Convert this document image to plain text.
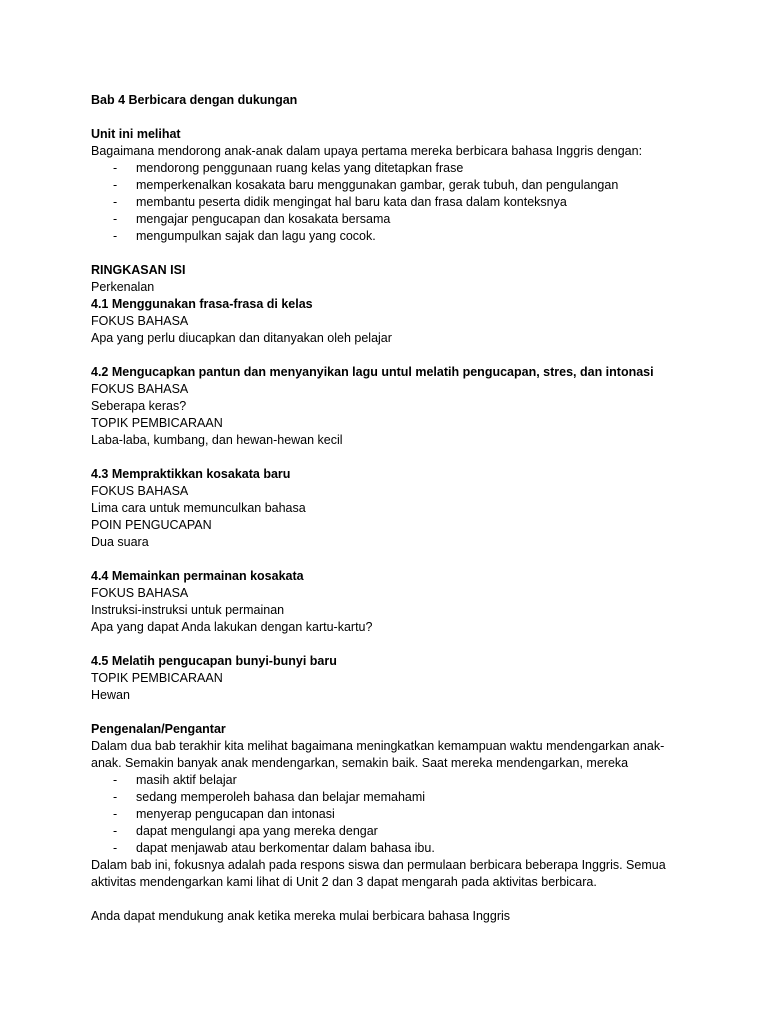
Bab 4 Berbicara dengan dukungan

Unit ini melihat

Bagaimana mendorong anak-anak dalam upaya pertama mereka berbicara bahasa Inggris dengan:

- mendorong penggunaan ruang kelas yang ditetapkan frase
- memperkenalkan kosakata baru menggunakan gambar, gerak tubuh, dan pengulangan
- membantu peserta didik mengingat hal baru kata dan frasa dalam konteksnya
- mengajar pengucapan dan kosakata bersama
- mengumpulkan sajak dan lagu yang cocok.

RINGKASAN ISI

Perkenalan

4.1 Menggunakan frasa-frasa di kelas

FOKUS BAHASA

Apa yang perlu diucapkan dan ditanyakan oleh pelajar

4.2 Mengucapkan pantun dan menyanyikan lagu untul melatih pengucapan, stres, dan intonasi

FOKUS BAHASA

Seberapa keras?

TOPIK PEMBICARAAN

Laba-laba, kumbang, dan hewan-hewan kecil

4.3 Mempraktikkan kosakata baru

FOKUS BAHASA

Lima cara untuk memunculkan bahasa

POIN PENGUCAPAN

Dua suara

4.4 Memainkan permainan kosakata

FOKUS BAHASA

Instruksi-instruksi untuk permainan

Apa yang dapat Anda lakukan dengan kartu-kartu?

4.5 Melatih pengucapan bunyi-bunyi baru

TOPIK PEMBICARAAN

Hewan

Pengenalan/Pengantar

Dalam dua bab terakhir kita melihat bagaimana meningkatkan kemampuan waktu mendengarkan anak-

anak. Semakin banyak anak mendengarkan, semakin baik. Saat mereka mendengarkan, mereka

- masih aktif belajar
- sedang memperoleh bahasa dan belajar memahami
- menyerap pengucapan dan intonasi
- dapat mengulangi apa yang mereka dengar
- dapat menjawab atau berkomentar dalam bahasa ibu.

Dalam bab ini, fokusnya adalah pada respons siswa dan permulaan berbicara beberapa Inggris. Semua

aktivitas mendengarkan kami lihat di Unit 2 dan 3 dapat mengarah pada aktivitas berbicara.

Anda dapat mendukung anak ketika mereka mulai berbicara bahasa Inggris
